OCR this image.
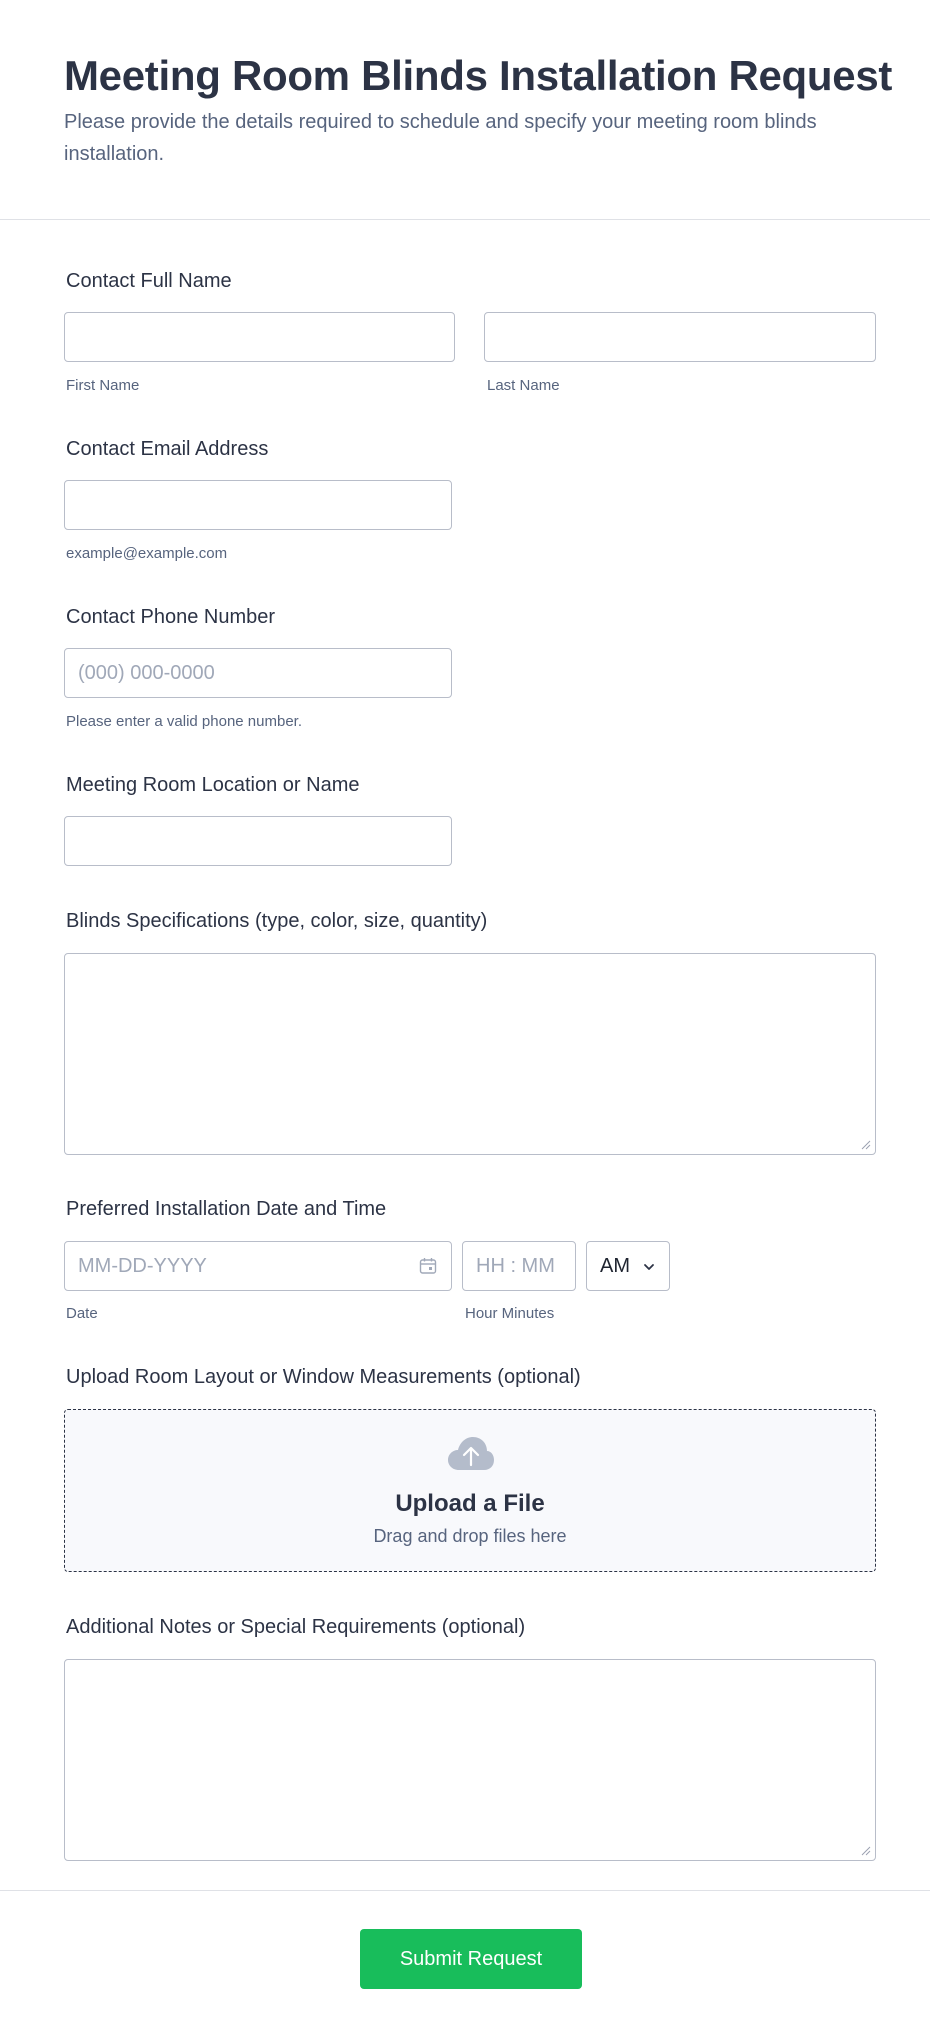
Meeting Room Blinds Installation Request

Please provide the details required to schedule and specify your meeting room blinds installation.

Contact Full Name
First Name	Last Name
Contact Email Address
example@example.com
Contact Phone Number
(000) 000-0000
Please enter a valid phone number.
Meeting Room Location or Name
Blinds Specifications (type, color, size, quantity)
Preferred Installation Date and Time
MM-DD-YYYY
HH : MM
AM
Date	Hour Minutes
Upload Room Layout or Window Measurements (optional)
Upload a File
Drag and drop files here
Additional Notes or Special Requirements (optional)
Submit Request
